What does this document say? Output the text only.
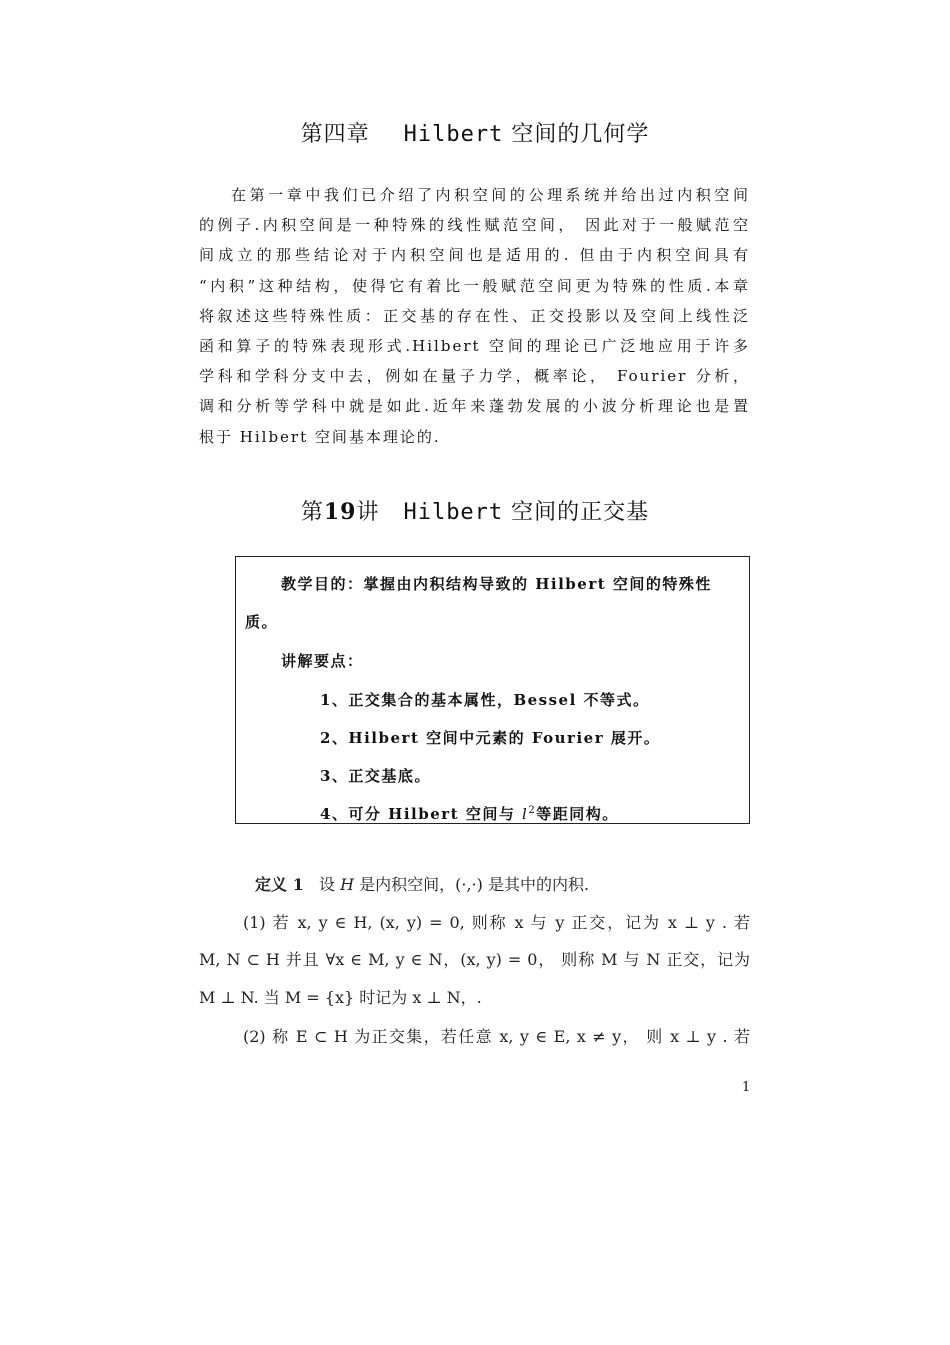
第四章 Hilbert 空间的几何学
在第一章中我们已介绍了内积空间的公理系统并给出过内积空间
的例子.内积空间是一种特殊的线性赋范空间， 因此对于一般赋范空
间成立的那些结论对于内积空间也是适用的. 但由于内积空间具有
“内积”这种结构，使得它有着比一般赋范空间更为特殊的性质.本章
将叙述这些特殊性质：正交基的存在性、正交投影以及空间上线性泛
函和算子的特殊表现形式.Hilbert 空间的理论已广泛地应用于许多
学科和学科分支中去，例如在量子力学，概率论， Fourier 分析，
调和分析等学科中就是如此.近年来蓬勃发展的小波分析理论也是置
根于 Hilbert 空间基本理论的.
第19讲 Hilbert 空间的正交基
教学目的：掌握由内积结构导致的 Hilbert 空间的特殊性
质。
讲解要点：
1、正交集合的基本属性，Bessel 不等式。
2、Hilbert 空间中元素的 Fourier 展开。
3、正交基底。
4、可分 Hilbert 空间与 $l^2$等距同构。
定义 1 设 H 是内积空间，(·,·) 是其中的内积.
(1) 若 x, y ∈ H, (x, y) = 0, 则称 x 与 y 正交，记为 x ⊥ y . 若
M, N ⊂ H 并且 ∀x ∈ M, y ∈ N，(x, y) = 0， 则称 M 与 N 正交，记为
M ⊥ N. 当 M = {x} 时记为 x ⊥ N，.
(2) 称 E ⊂ H 为正交集，若任意 x, y ∈ E, x ≠ y， 则 x ⊥ y . 若
1
